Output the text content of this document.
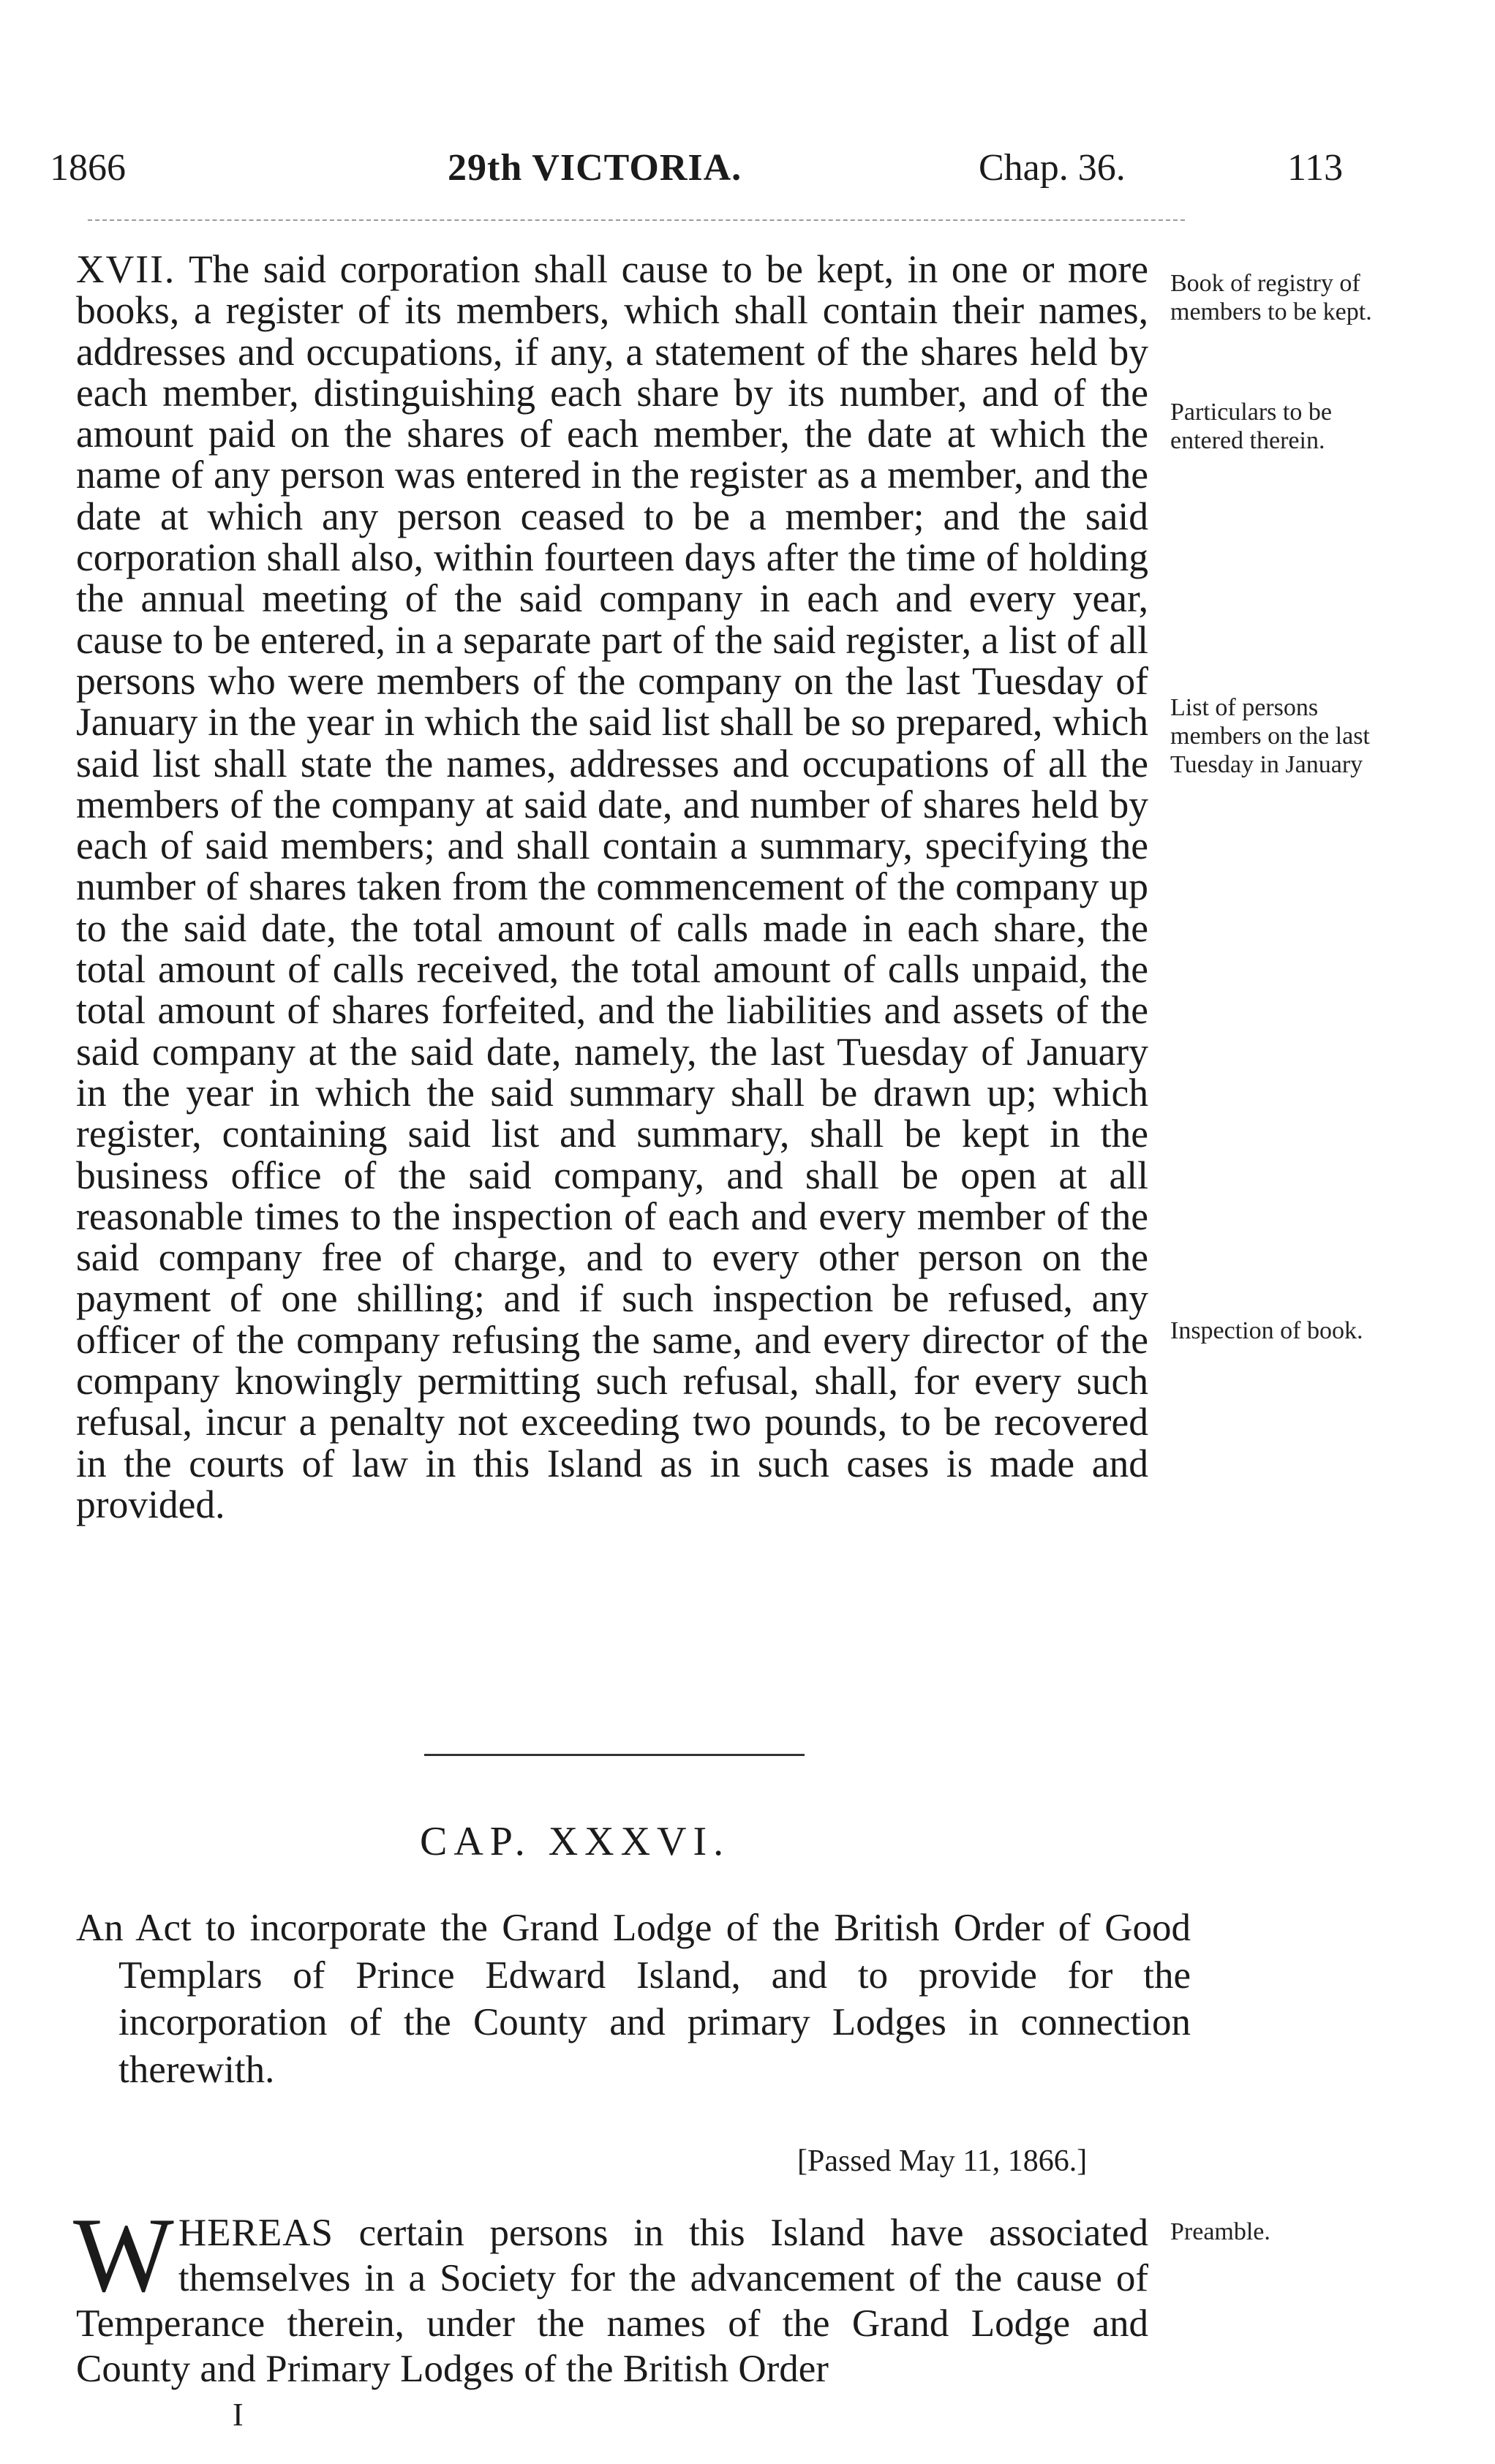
1866	29th VICTORIA.	Chap. 36.	113

XVII. The said corporation shall cause to be kept, in one or more books, a register of its members, which shall contain their names, addresses and occupations, if any, a statement of the shares held by each member, distinguishing each share by its number, and of the amount paid on the shares of each member, the date at which the name of any person was entered in the register as a member, and the date at which any person ceased to be a member; and the said corporation shall also, within fourteen days after the time of holding the annual meeting of the said company in each and every year, cause to be entered, in a separate part of the said register, a list of all persons who were members of the company on the last Tuesday of January in the year in which the said list shall be so prepared, which said list shall state the names, addresses and occupations of all the members of the company at said date, and number of shares held by each of said members; and shall contain a summary, specifying the number of shares taken from the commencement of the company up to the said date, the total amount of calls made in each share, the total amount of calls received, the total amount of calls unpaid, the total amount of shares forfeited, and the liabilities and assets of the said company at the said date, namely, the last Tuesday of January in the year in which the said summary shall be drawn up; which register, containing said list and summary, shall be kept in the business office of the said company, and shall be open at all reasonable times to the inspection of each and every member of the said company free of charge, and to every other person on the payment of one shilling; and if such inspection be refused, any officer of the company refusing the same, and every director of the company knowingly permitting such refusal, shall, for every such refusal, incur a penalty not exceeding two pounds, to be recovered in the courts of law in this Island as in such cases is made and provided.

Book of registry of members to be kept.
Particulars to be entered therein.
List of persons members on the last Tuesday in January
Inspection of book.
Preamble.
CAP. XXXVI.

An Act to incorporate the Grand Lodge of the British Order of Good Templars of Prince Edward Island, and to provide for the incorporation of the County and primary Lodges in connection therewith.

[Passed May 11, 1866.]

WHEREAS certain persons in this Island have associated themselves in a Society for the advancement of the cause of Temperance therein, under the names of the Grand Lodge and County and Primary Lodges of the British Order

I
